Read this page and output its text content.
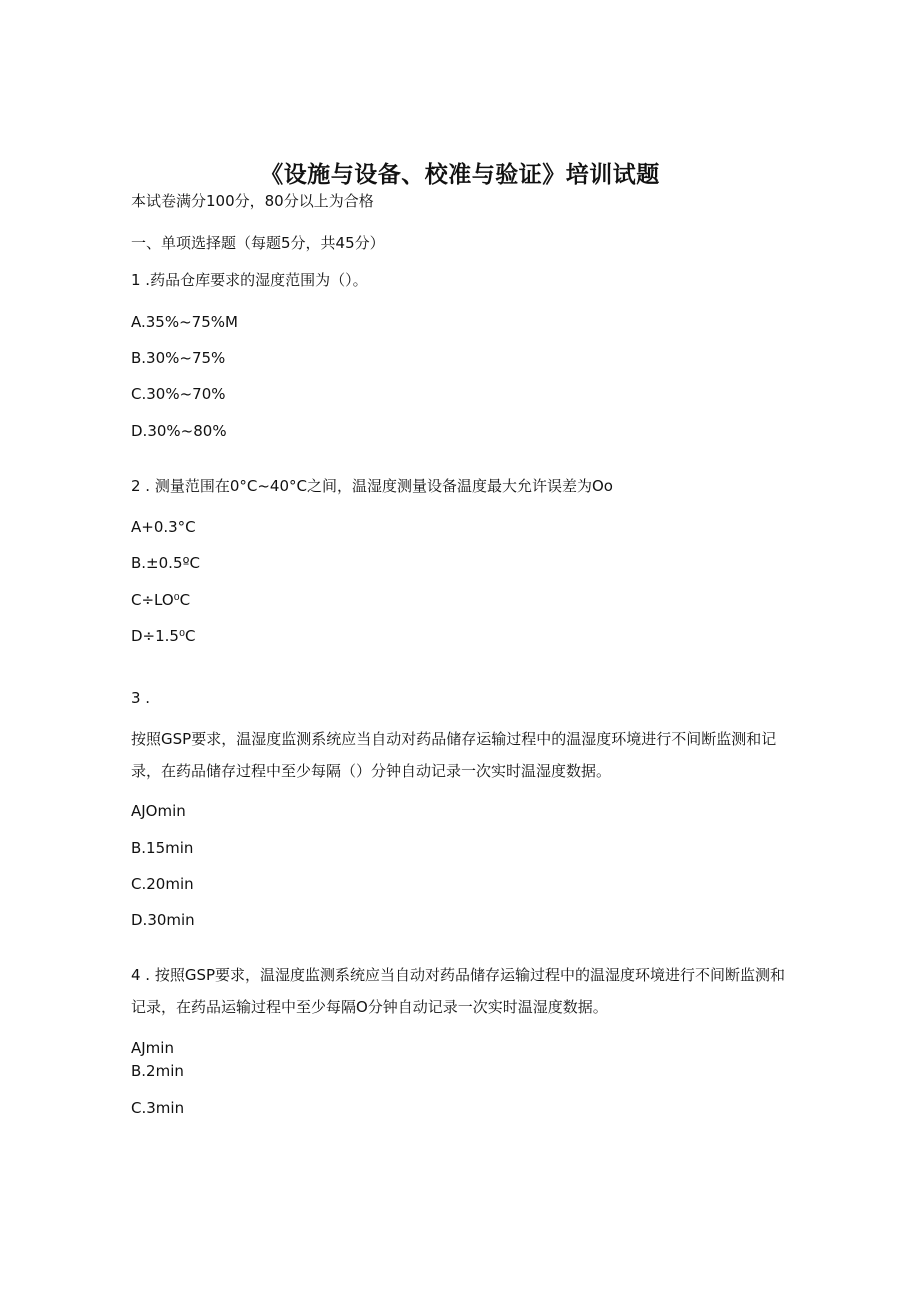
《设施与设备、校准与验证》培训试题

本试卷满分100分，80分以上为合格

一、单项选择题（每题5分，共45分）

1 .药品仓库要求的湿度范围为（）。

A.35%~75%M

B.30%~75%

C.30%~70%

D.30%~80%

2 . 测量范围在0°C~40°C之间，温湿度测量设备温度最大允许误差为Oo

A+0.3°C

B.±0.5ºC

C÷LO⁰C

D÷1.5⁰C

3 .

按照GSP要求，温湿度监测系统应当自动对药品储存运输过程中的温湿度环境进行不间断监测和记录，在药品储存过程中至少每隔（）分钟自动记录一次实时温湿度数据。

AJOmin

B.15min

C.20min

D.30min

4 . 按照GSP要求，温湿度监测系统应当自动对药品储存运输过程中的温湿度环境进行不间断监测和记录，在药品运输过程中至少每隔O分钟自动记录一次实时温湿度数据。

AJmin

B.2min

C.3min
